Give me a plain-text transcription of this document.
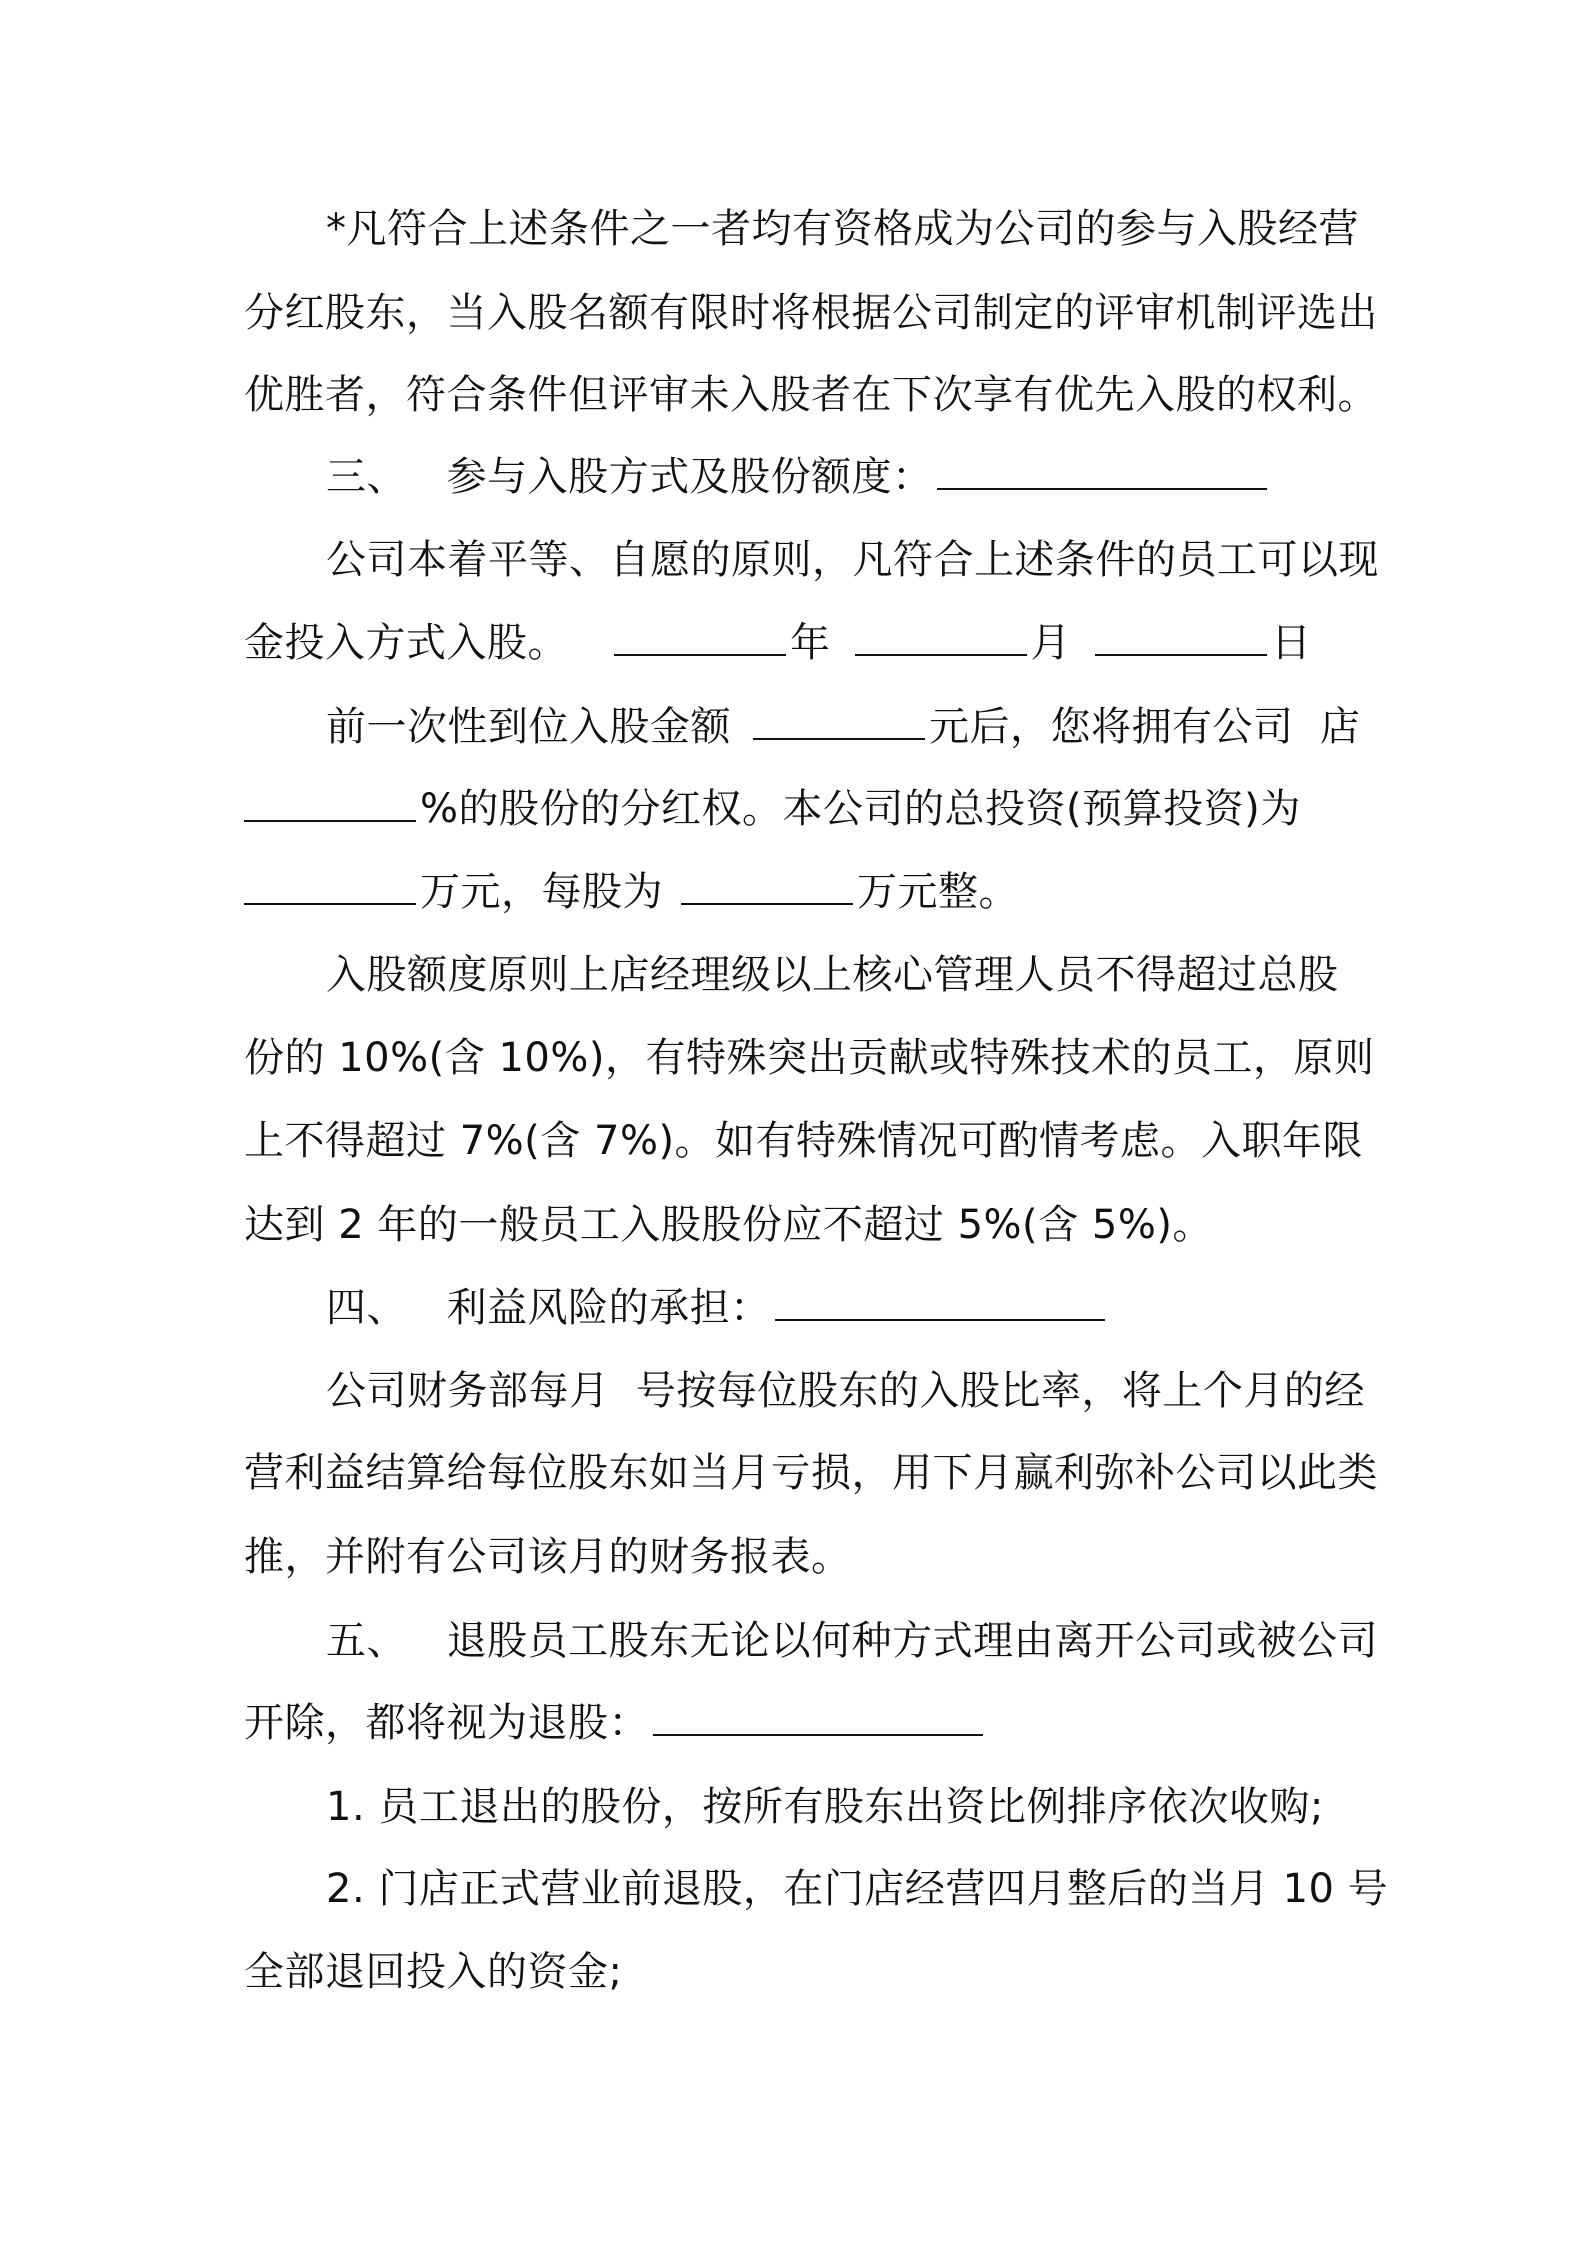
*凡符合上述条件之一者均有资格成为公司的参与入股经营
分红股东，当入股名额有限时将根据公司制定的评审机制评选出
优胜者，符合条件但评审未入股者在下次享有优先入股的权利。
三、   参与入股方式及股份额度：
公司本着平等、自愿的原则，凡符合上述条件的员工可以现
金投入方式入股。	年	月	日
前一次性到位入股金额	元后，您将拥有公司  店
%的股份的分红权。本公司的总投资(预算投资)为
万元，每股为	万元整。
入股额度原则上店经理级以上核心管理人员不得超过总股
份的 10%(含 10%)，有特殊突出贡献或特殊技术的员工，原则
上不得超过 7%(含 7%)。如有特殊情况可酌情考虑。入职年限
达到 2 年的一般员工入股股份应不超过 5%(含 5%)。
四、   利益风险的承担：
公司财务部每月  号按每位股东的入股比率，将上个月的经
营利益结算给每位股东如当月亏损，用下月赢利弥补公司以此类
推，并附有公司该月的财务报表。
五、   退股员工股东无论以何种方式理由离开公司或被公司
开除，都将视为退股：
1. 员工退出的股份，按所有股东出资比例排序依次收购;
2. 门店正式营业前退股，在门店经营四月整后的当月 10 号
全部退回投入的资金;
